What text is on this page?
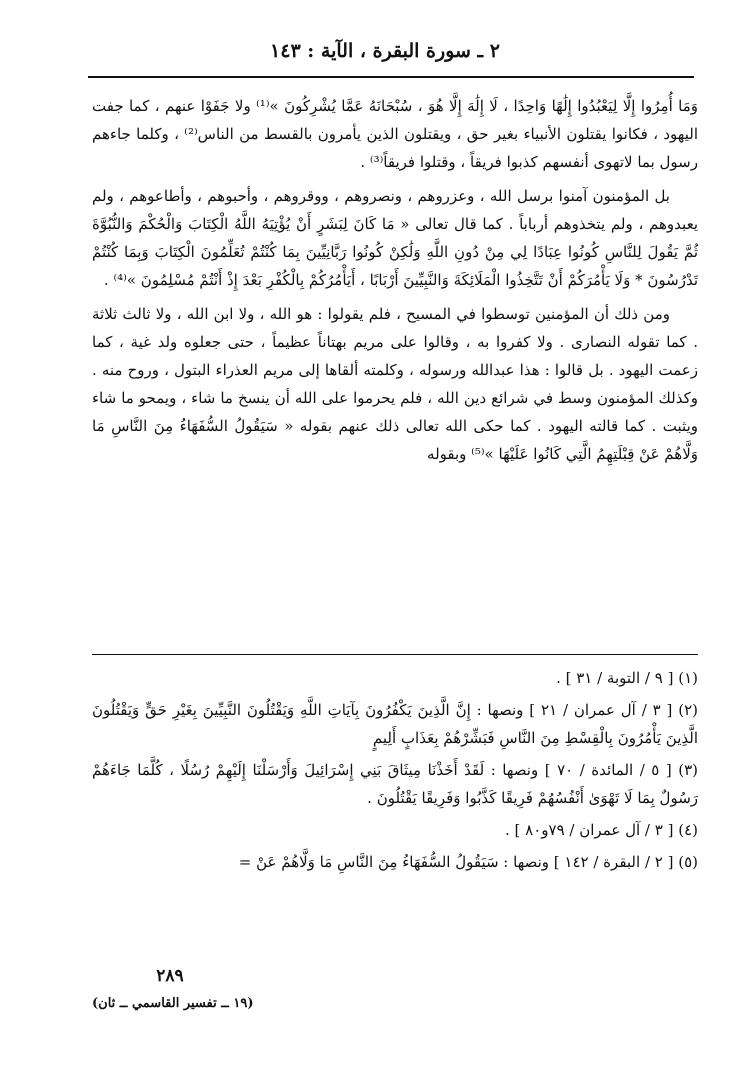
٢ ـ سورة البقرة ، الآية : ١٤٣

وَمَا أُمِرُوا إِلَّا لِيَعْبُدُوا إِلَٰهًا وَاحِدًا ، لَا إِلَٰهَ إِلَّا هُوَ ، سُبْحَانَهُ عَمَّا يُشْرِكُونَ »⁽¹⁾ ولا جَفَوْا عنهم ، كما جفت اليهود ، فكانوا يقتلون الأنبياء بغير حق ، ويقتلون الذين يأمرون بالقسط من الناس⁽²⁾ ، وكلما جاءهم رسول بما لاتهوى أنفسهم كذبوا فريقاً ، وقتلوا فريقاً⁽³⁾ .

بل المؤمنون آمنوا برسل الله ، وعزروهم ، ونصروهم ، ووقروهم ، وأحبوهم ، وأطاعوهم ، ولم يعبدوهم ، ولم يتخذوهم أرباباً . كما قال تعالى « مَا كَانَ لِبَشَرٍ أَنْ يُؤْتِيَهُ اللَّهُ الْكِتَابَ وَالْحُكْمَ وَالنُّبُوَّةَ ثُمَّ يَقُولَ لِلنَّاسِ كُونُوا عِبَادًا لِي مِنْ دُونِ اللَّهِ وَلَٰكِنْ كُونُوا رَبَّانِيِّينَ بِمَا كُنْتُمْ تُعَلِّمُونَ الْكِتَابَ وَبِمَا كُنْتُمْ تَدْرُسُونَ * وَلَا يَأْمُرَكُمْ أَنْ تَتَّخِذُوا الْمَلَائِكَةَ وَالنَّبِيِّينَ أَرْبَابًا ، أَيَأْمُرُكُمْ بِالْكُفْرِ بَعْدَ إِذْ أَنْتُمْ مُسْلِمُونَ »⁽⁴⁾ .

ومن ذلك أن المؤمنين توسطوا في المسيح ، فلم يقولوا : هو الله ، ولا ابن الله ، ولا ثالث ثلاثة . كما تقوله النصارى . ولا كفروا به ، وقالوا على مريم بهتاناً عظيماً ، حتى جعلوه ولد غية ، كما زعمت اليهود . بل قالوا : هذا عبدالله ورسوله ، وكلمته ألقاها إلى مريم العذراء البتول ، وروح منه . وكذلك المؤمنون وسط في شرائع دين الله ، فلم يحرموا على الله أن ينسخ ما شاء ، ويمحو ما شاء ويثبت . كما قالته اليهود . كما حكى الله تعالى ذلك عنهم بقوله « سَيَقُولُ السُّفَهَاءُ مِنَ النَّاسِ مَا وَلَّاهُمْ عَنْ قِبْلَتِهِمُ الَّتِي كَانُوا عَلَيْهَا »⁽⁵⁾ وبقوله

(١) [ ٩ / التوبة / ٣١ ] .
(٢) [ ٣ / آل عمران / ٢١ ] ونصها : إِنَّ الَّذِينَ يَكْفُرُونَ بِآيَاتِ اللَّهِ وَيَقْتُلُونَ النَّبِيِّينَ بِغَيْرِ حَقٍّ وَيَقْتُلُونَ الَّذِينَ يَأْمُرُونَ بِالْقِسْطِ مِنَ النَّاسِ فَبَشِّرْهُمْ بِعَذَابٍ أَلِيمٍ
(٣) [ ٥ / المائدة / ٧٠ ] ونصها : لَقَدْ أَخَذْنَا مِيثَاقَ بَنِي إِسْرَائِيلَ وَأَرْسَلْنَا إِلَيْهِمْ رُسُلًا ، كُلَّمَا جَاءَهُمْ رَسُولٌ بِمَا لَا تَهْوَىٰ أَنْفُسُهُمْ فَرِيقًا كَذَّبُوا وَفَرِيقًا يَقْتُلُونَ .
(٤) [ ٣ / آل عمران / ٧٩و٨٠ ] .
(٥) [ ٢ / البقرة / ١٤٢ ] ونصها : سَيَقُولُ السُّفَهَاءُ مِنَ النَّاسِ مَا وَلَّاهُمْ عَنْ =
٢٨٩
(١٩ ــ تفسير القاسمي ــ ثان)
